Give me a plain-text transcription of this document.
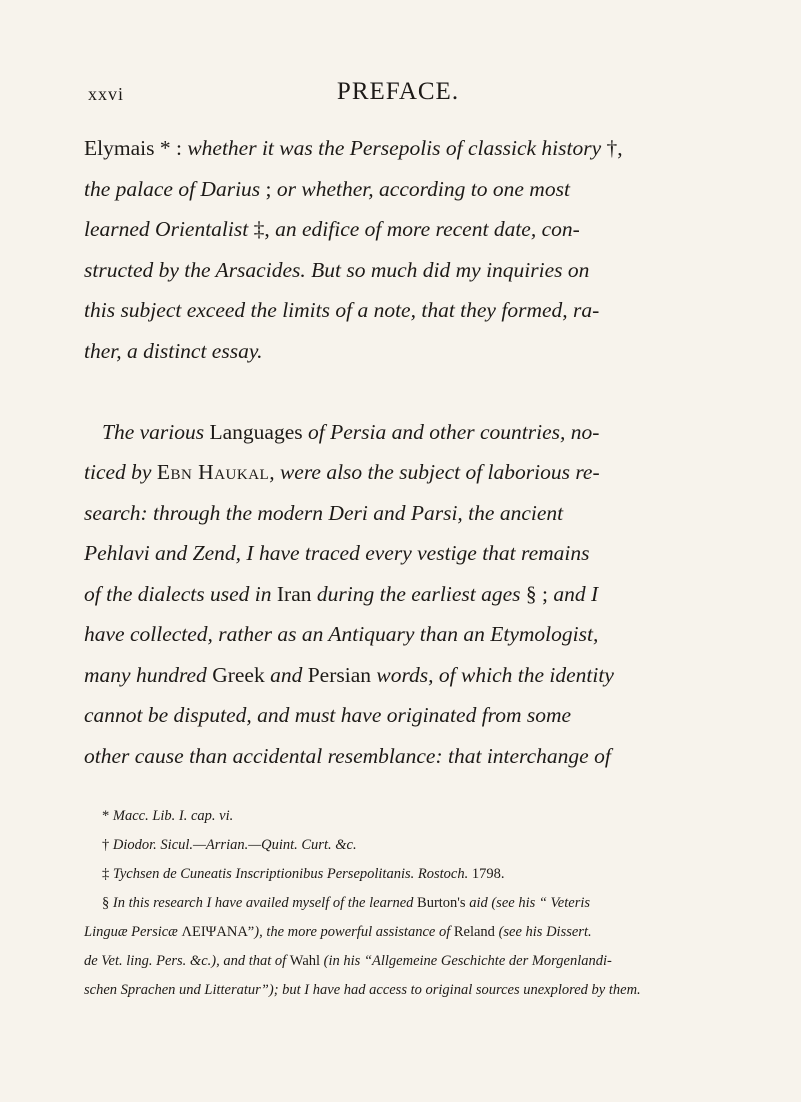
xxvi	PREFACE.
Elymais * : whether it was the Persepolis of classick history †,
the palace of Darius ; or whether, according to one most
learned Orientalist ‡, an edifice of more recent date, con-
structed by the Arsacides. But so much did my inquiries on
this subject exceed the limits of a note, that they formed, ra-
ther, a distinct essay.
The various Languages of Persia and other countries, no-
ticed by Ebn Haukal, were also the subject of laborious re-
search: through the modern Deri and Parsi, the ancient
Pehlavi and Zend, I have traced every vestige that remains
of the dialects used in Iran during the earliest ages § ; and I
have collected, rather as an Antiquary than an Etymologist,
many hundred Greek and Persian words, of which the identity
cannot be disputed, and must have originated from some
other cause than accidental resemblance: that interchange of
* Macc. Lib. I. cap. vi.
† Diodor. Sicul.—Arrian.—Quint. Curt. &c.
‡ Tychsen de Cuneatis Inscriptionibus Persepolitanis. Rostoch. 1798.
§ In this research I have availed myself of the learned Burton's aid (see his “ Veteris
Linguæ Persicæ ΛΕΙΨΑΝΑ”), the more powerful assistance of Reland (see his Dissert.
de Vet. ling. Pers. &c.), and that of Wahl (in his “Allgemeine Geschichte der Morgenlandi-
schen Sprachen und Litteratur”); but I have had access to original sources unexplored by them.
